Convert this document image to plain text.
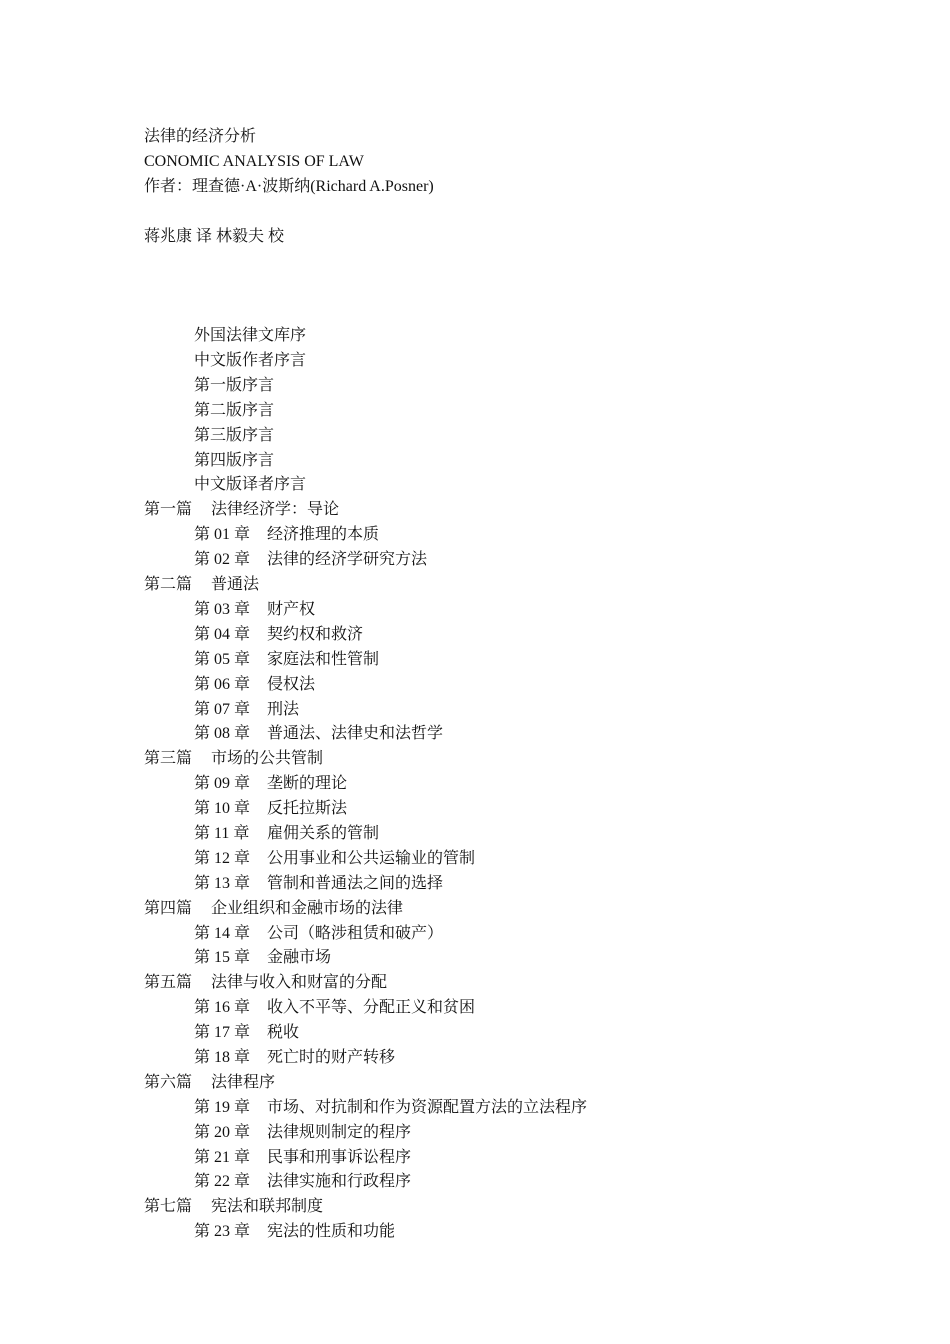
法律的经济分析
CONOMIC ANALYSIS OF LAW
作者：理查德·A·波斯纳(Richard A.Posner)
蒋兆康 译 林毅夫 校
外国法律文库序
中文版作者序言
第一版序言
第二版序言
第三版序言
第四版序言
中文版译者序言
第一篇 法律经济学：导论
第 01 章 经济推理的本质
第 02 章 法律的经济学研究方法
第二篇 普通法
第 03 章 财产权
第 04 章 契约权和救济
第 05 章 家庭法和性管制
第 06 章 侵权法
第 07 章 刑法
第 08 章 普通法、法律史和法哲学
第三篇 市场的公共管制
第 09 章 垄断的理论
第 10 章 反托拉斯法
第 11 章 雇佣关系的管制
第 12 章 公用事业和公共运输业的管制
第 13 章 管制和普通法之间的选择
第四篇 企业组织和金融市场的法律
第 14 章 公司（略涉租赁和破产）
第 15 章 金融市场
第五篇 法律与收入和财富的分配
第 16 章 收入不平等、分配正义和贫困
第 17 章 税收
第 18 章 死亡时的财产转移
第六篇 法律程序
第 19 章 市场、对抗制和作为资源配置方法的立法程序
第 20 章 法律规则制定的程序
第 21 章 民事和刑事诉讼程序
第 22 章 法律实施和行政程序
第七篇 宪法和联邦制度
第 23 章 宪法的性质和功能
